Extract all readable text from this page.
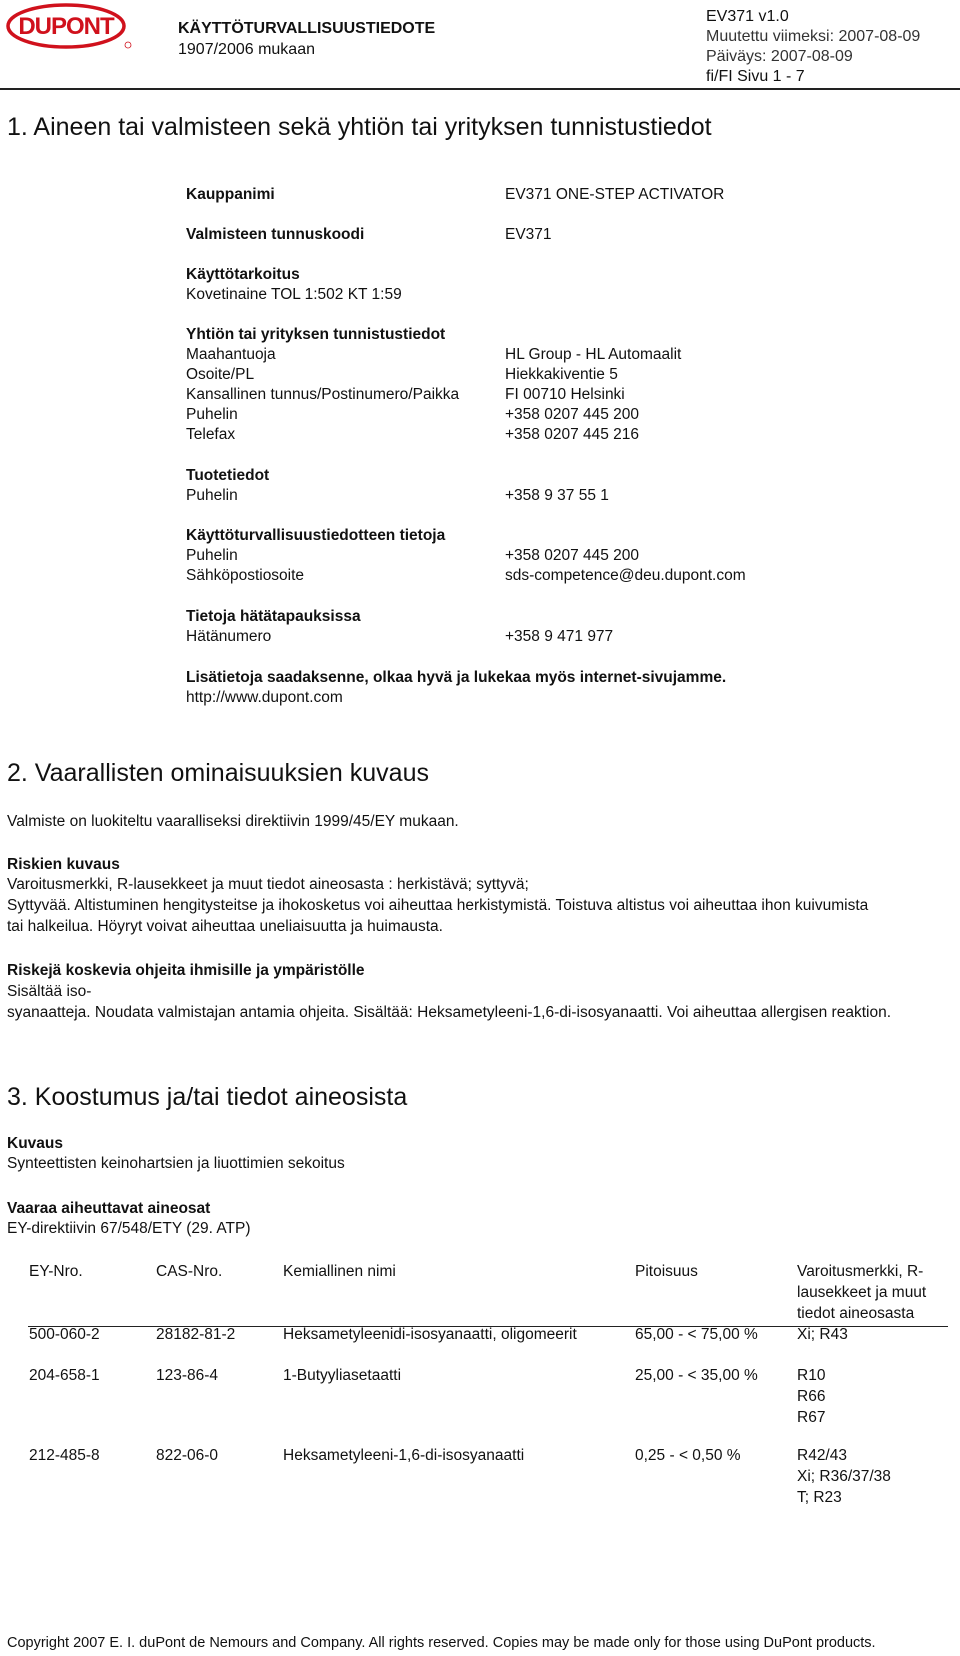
DUPONT	KÄYTTÖTURVALLISUUSTIEDOTE
1907/2006 mukaan
EV371 v1.0
Muutettu viimeksi: 2007-08-09
Päiväys: 2007-08-09
fi/FI Sivu 1 - 7
1. Aineen tai valmisteen sekä yhtiön tai yrityksen tunnistustiedot
Kauppanimi	EV371 ONE-STEP ACTIVATOR
Valmisteen tunnuskoodi	EV371
Käyttötarkoitus
Kovetinaine TOL 1:502 KT 1:59
Yhtiön tai yrityksen tunnistustiedot
Maahantuoja	HL Group - HL Automaalit
Osoite/PL	Hiekkakiventie 5
Kansallinen tunnus/Postinumero/Paikka	FI 00710 Helsinki
Puhelin	+358 0207 445 200
Telefax	+358 0207 445 216
Tuotetiedot
Puhelin	+358 9 37 55 1
Käyttöturvallisuustiedotteen tietoja
Puhelin	+358 0207 445 200
Sähköpostiosoite	sds-competence@deu.dupont.com
Tietoja hätätapauksissa
Hätänumero	+358 9 471 977
Lisätietoja saadaksenne, olkaa hyvä ja lukekaa myös internet-sivujamme.
http://www.dupont.com
2. Vaarallisten ominaisuuksien kuvaus
Valmiste on luokiteltu vaaralliseksi direktiivin 1999/45/EY mukaan.
Riskien kuvaus
Varoitusmerkki, R-lausekkeet ja muut tiedot aineosasta : herkistävä; syttyvä;
Syttyvää. Altistuminen hengitysteitse ja ihokosketus voi aiheuttaa herkistymistä. Toistuva altistus voi aiheuttaa ihon kuivumista
tai halkeilua. Höyryt voivat aiheuttaa uneliaisuutta ja huimausta.
Riskejä koskevia ohjeita ihmisille ja ympäristölle
Sisältää iso-
syanaatteja. Noudata valmistajan antamia ohjeita. Sisältää: Heksametyleeni-1,6-di-isosyanaatti. Voi aiheuttaa allergisen reaktion.
3. Koostumus ja/tai tiedot aineosista
Kuvaus
Synteettisten keinohartsien ja liuottimien sekoitus
Vaaraa aiheuttavat aineosat
EY-direktiivin 67/548/ETY (29. ATP)
EY-Nro.	CAS-Nro.	Kemiallinen nimi	Pitoisuus	Varoitusmerkki, R-
lausekkeet ja muut
tiedot aineosasta
500-060-2	28182-81-2	Heksametyleenidi-isosyanaatti, oligomeerit	65,00 - < 75,00 %	Xi; R43
204-658-1	123-86-4	1-Butyyliasetaatti	25,00 - < 35,00 %	R10
R66
R67
212-485-8	822-06-0	Heksametyleeni-1,6-di-isosyanaatti	0,25 - < 0,50 %	R42/43
Xi; R36/37/38
T; R23
Copyright 2007 E. I. duPont de Nemours and Company. All rights reserved. Copies may be made only for those using DuPont products.
